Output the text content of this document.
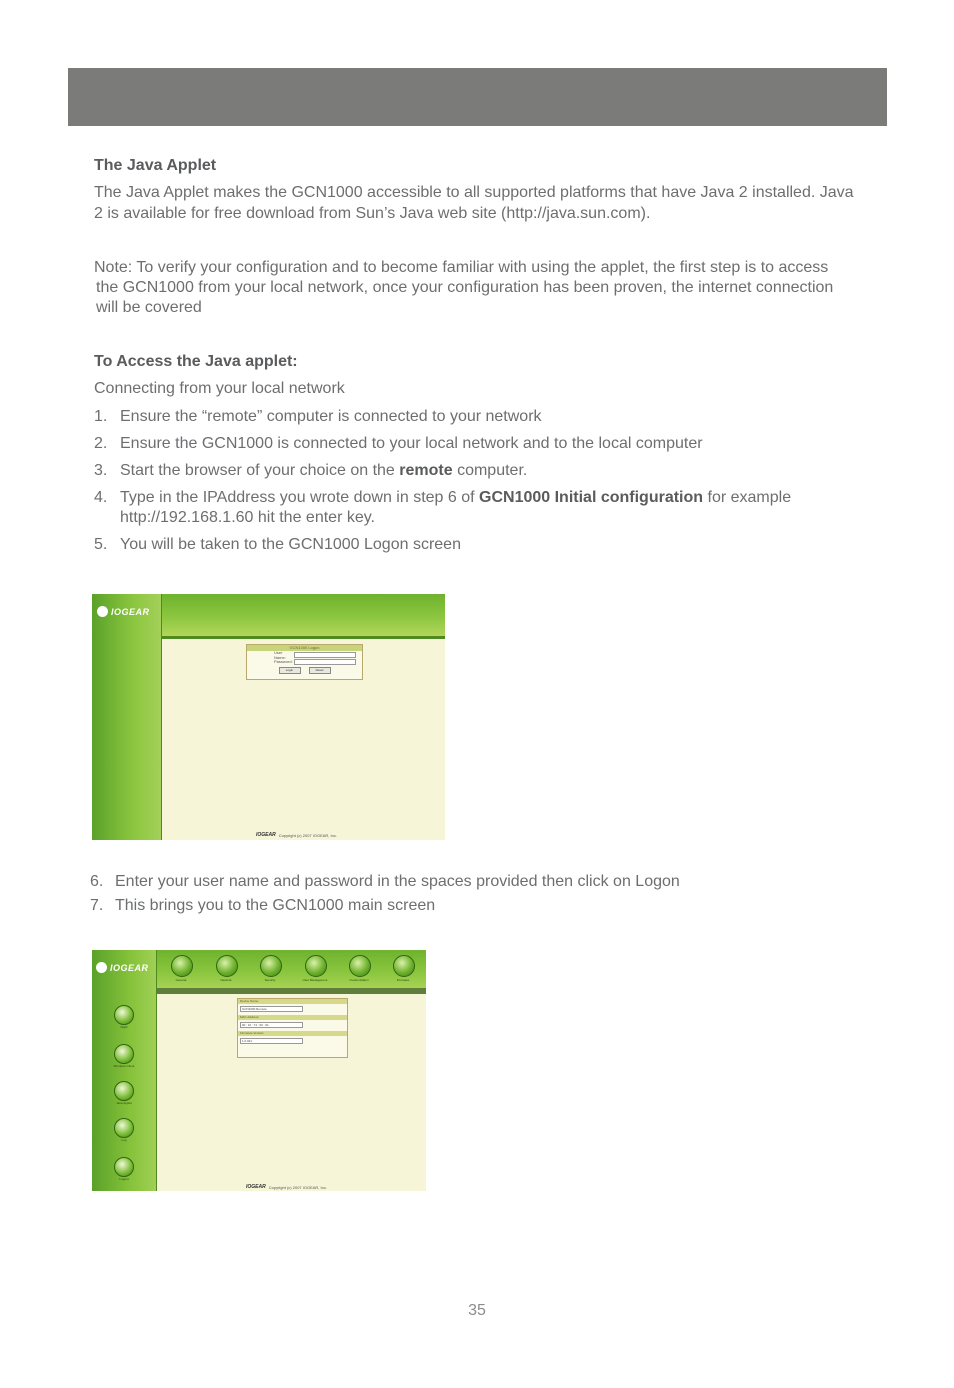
The Java Applet
The Java Applet makes the GCN1000 accessible to all supported platforms that have Java 2 installed. Java
2 is available for free download from Sun’s Java web site (http://java.sun.com).
Note: To verify your configuration and to become familiar with using the applet, the first step is to access
the GCN1000 from your local network, once your configuration has been proven, the internet connection
will be covered
To Access the Java applet:
Connecting from your local network
1. Ensure the “remote” computer is connected to your network
2. Ensure the GCN1000 is connected to your local network and to the local computer
3. Start the browser of your choice on the remote computer.
4. Type in the IPAddress you wrote down in step 6 of GCN1000 Initial configuration for example
http://192.168.1.60 hit the enter key.
5. You will be taken to the GCN1000 Logon screen
IOGEAR
GCN1000 Logon
User Name:
Password:
Login	Reset
IOGEAR Copyright (c) 2007 IOGEAR, Inc.
6. Enter your user name and password in the spaces provided then click on Logon
7. This brings you to the GCN1000 main screen
IOGEAR
General	Network	Security	User Management	Customization	Firmware
Night
Windows Client
Java Applet
Log
Logout
Device Name:
GCN1000 Remote
MAC Address:
00 : 10 : 74 : 00 : 01
Firmware Version:
1.0.021
IOGEAR Copyright (c) 2007 IOGEAR, Inc.
35
